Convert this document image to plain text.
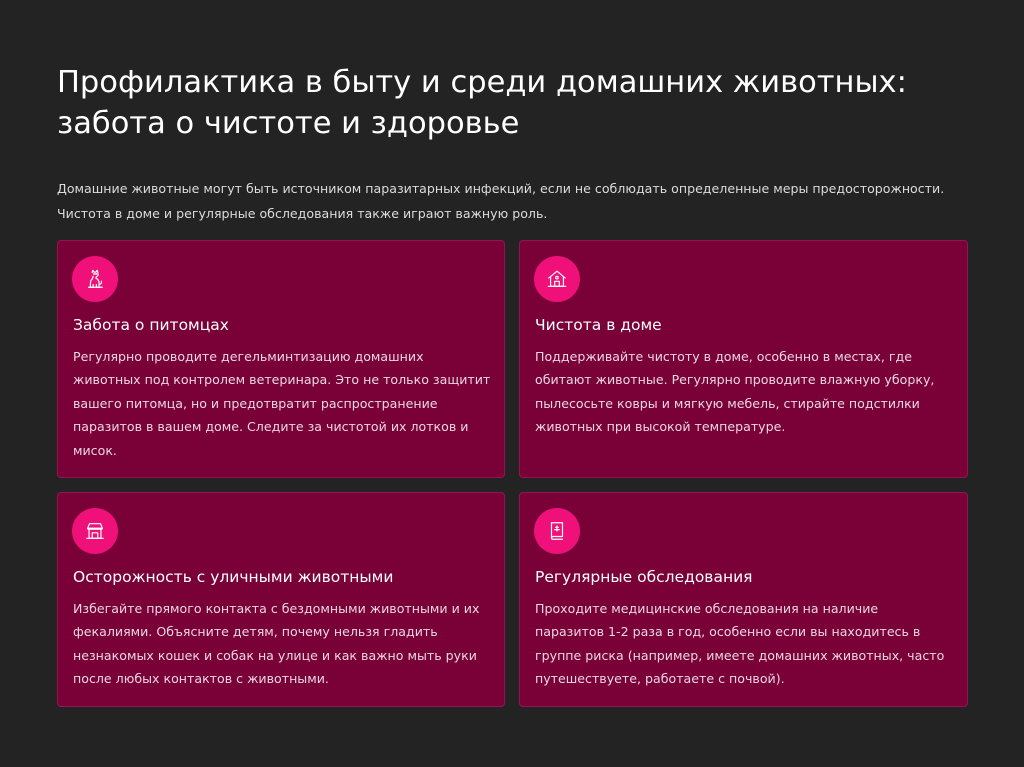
Профилактика в быту и среди домашних животных:
забота о чистоте и здоровье

Домашние животные могут быть источником паразитарных инфекций, если не соблюдать определенные меры предосторожности.
Чистота в доме и регулярные обследования также играют важную роль.

Забота о питомцах

Регулярно проводите дегельминтизацию домашних
животных под контролем ветеринара. Это не только защитит
вашего питомца, но и предотвратит распространение
паразитов в вашем доме. Следите за чистотой их лотков и
мисок.

Чистота в доме

Поддерживайте чистоту в доме, особенно в местах, где
обитают животные. Регулярно проводите влажную уборку,
пылесосьте ковры и мягкую мебель, стирайте подстилки
животных при высокой температуре.

Осторожность с уличными животными

Избегайте прямого контакта с бездомными животными и их
фекалиями. Объясните детям, почему нельзя гладить
незнакомых кошек и собак на улице и как важно мыть руки
после любых контактов с животными.

Регулярные обследования

Проходите медицинские обследования на наличие
паразитов 1-2 раза в год, особенно если вы находитесь в
группе риска (например, имеете домашних животных, часто
путешествуете, работаете с почвой).
